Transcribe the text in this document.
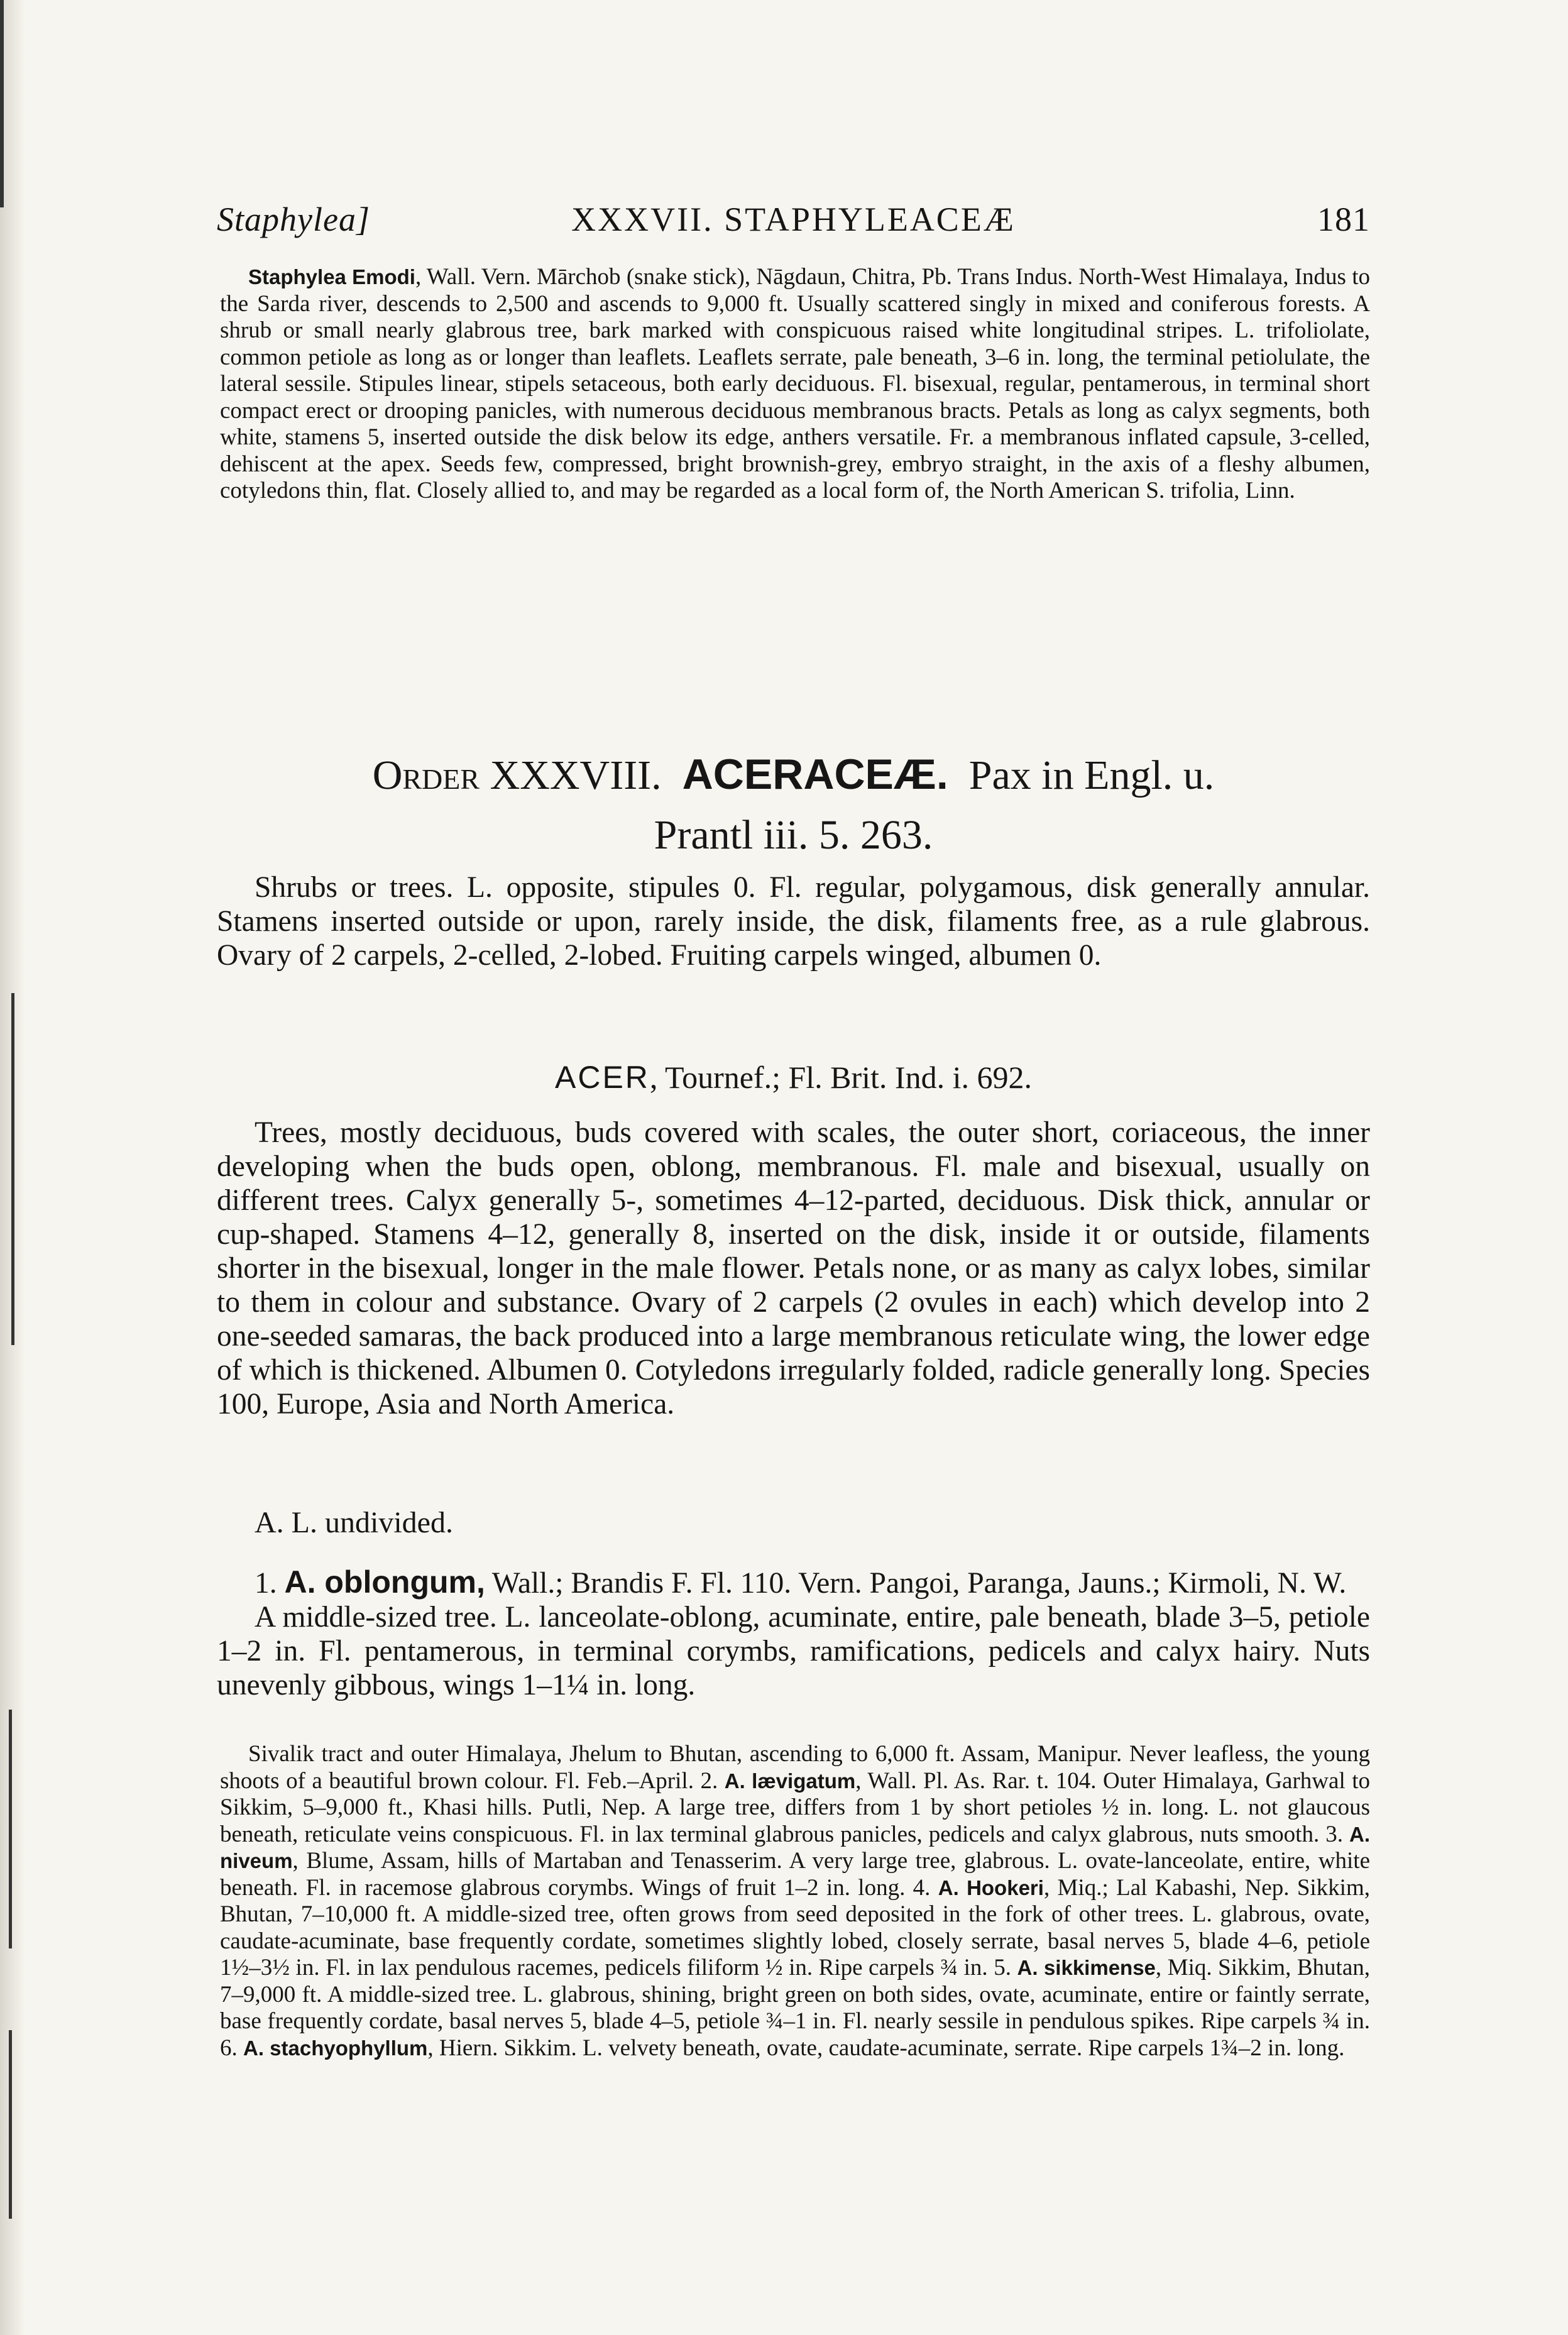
Staphylea]	XXXVII. STAPHYLEACEÆ	181

Staphylea Emodi, Wall. Vern. Mārchob (snake stick), Nāgdaun, Chitra, Pb. Trans Indus. North-West Himalaya, Indus to the Sarda river, descends to 2,500 and ascends to 9,000 ft. Usually scattered singly in mixed and coniferous forests. A shrub or small nearly glabrous tree, bark marked with conspicuous raised white longitudinal stripes. L. trifoliolate, common petiole as long as or longer than leaflets. Leaflets serrate, pale beneath, 3–6 in. long, the terminal petiolulate, the lateral sessile. Stipules linear, stipels setaceous, both early deciduous. Fl. bisexual, regular, pentamerous, in terminal short compact erect or drooping panicles, with numerous deciduous membranous bracts. Petals as long as calyx segments, both white, stamens 5, inserted outside the disk below its edge, anthers versatile. Fr. a membranous inflated capsule, 3-celled, dehiscent at the apex. Seeds few, compressed, bright brownish-grey, embryo straight, in the axis of a fleshy albumen, cotyledons thin, flat. Closely allied to, and may be regarded as a local form of, the North American S. trifolia, Linn.

Order XXXVIII. ACERACEÆ. Pax in Engl. u.
Prantl iii. 5. 263.

Shrubs or trees. L. opposite, stipules 0. Fl. regular, polygamous, disk generally annular. Stamens inserted outside or upon, rarely inside, the disk, filaments free, as a rule glabrous. Ovary of 2 carpels, 2-celled, 2-lobed. Fruiting carpels winged, albumen 0.

ACER, Tournef.; Fl. Brit. Ind. i. 692.

Trees, mostly deciduous, buds covered with scales, the outer short, coriaceous, the inner developing when the buds open, oblong, membranous. Fl. male and bisexual, usually on different trees. Calyx generally 5-, sometimes 4–12-parted, deciduous. Disk thick, annular or cup-shaped. Stamens 4–12, generally 8, inserted on the disk, inside it or outside, filaments shorter in the bisexual, longer in the male flower. Petals none, or as many as calyx lobes, similar to them in colour and substance. Ovary of 2 carpels (2 ovules in each) which develop into 2 one-seeded samaras, the back produced into a large membranous reticulate wing, the lower edge of which is thickened. Albumen 0. Cotyledons irregularly folded, radicle generally long. Species 100, Europe, Asia and North America.

A. L. undivided.

1. A. oblongum, Wall.; Brandis F. Fl. 110. Vern. Pangoi, Paranga, Jauns.; Kirmoli, N. W.

A middle-sized tree. L. lanceolate-oblong, acuminate, entire, pale beneath, blade 3–5, petiole 1–2 in. Fl. pentamerous, in terminal corymbs, ramifications, pedicels and calyx hairy. Nuts unevenly gibbous, wings 1–1¼ in. long.

Sivalik tract and outer Himalaya, Jhelum to Bhutan, ascending to 6,000 ft. Assam, Manipur. Never leafless, the young shoots of a beautiful brown colour. Fl. Feb.–April. 2. A. lævigatum, Wall. Pl. As. Rar. t. 104. Outer Himalaya, Garhwal to Sikkim, 5–9,000 ft., Khasi hills. Putli, Nep. A large tree, differs from 1 by short petioles ½ in. long. L. not glaucous beneath, reticulate veins conspicuous. Fl. in lax terminal glabrous panicles, pedicels and calyx glabrous, nuts smooth. 3. A. niveum, Blume, Assam, hills of Martaban and Tenasserim. A very large tree, glabrous. L. ovate-lanceolate, entire, white beneath. Fl. in racemose glabrous corymbs. Wings of fruit 1–2 in. long. 4. A. Hookeri, Miq.; Lal Kabashi, Nep. Sikkim, Bhutan, 7–10,000 ft. A middle-sized tree, often grows from seed deposited in the fork of other trees. L. glabrous, ovate, caudate-acuminate, base frequently cordate, sometimes slightly lobed, closely serrate, basal nerves 5, blade 4–6, petiole 1½–3½ in. Fl. in lax pendulous racemes, pedicels filiform ½ in. Ripe carpels ¾ in. 5. A. sikkimense, Miq. Sikkim, Bhutan, 7–9,000 ft. A middle-sized tree. L. glabrous, shining, bright green on both sides, ovate, acuminate, entire or faintly serrate, base frequently cordate, basal nerves 5, blade 4–5, petiole ¾–1 in. Fl. nearly sessile in pendulous spikes. Ripe carpels ¾ in. 6. A. stachyophyllum, Hiern. Sikkim. L. velvety beneath, ovate, caudate-acuminate, serrate. Ripe carpels 1¾–2 in. long.
